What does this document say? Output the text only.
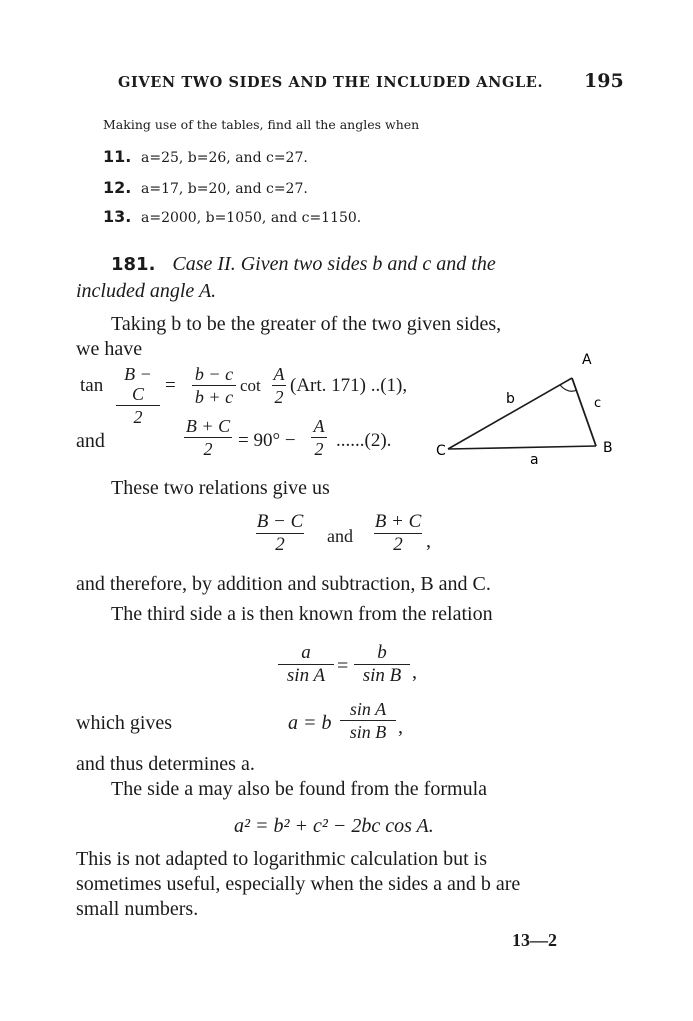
GIVEN TWO SIDES AND THE INCLUDED ANGLE. 195
Making use of the tables, find all the angles when
11. a=25, b=26, and c=27.
12. a=17, b=20, and c=27.
13. a=2000, b=1050, and c=1150.
181. Case II. Given two sides b and c and the
included angle A.
Taking b to be the greater of the two given sides,
we have
tan
B − C
2
=
b − c
b + c
cot
A
2
(Art. 171) ..(1),
and
B + C
2	= 90° −
A
2 ......(2).
A
B
C
b	c
a
These two relations give us
B − C
2	and
B + C
2	,
and therefore, by addition and subtraction, B and C.
The third side a is then known from the relation
a
sin A =
b
sin B ,
which gives	a = b
sin A
sin B ,
and thus determines a.
The side a may also be found from the formula
a² = b² + c² − 2bc cos A.
This is not adapted to logarithmic calculation but is
sometimes useful, especially when the sides a and b are
small numbers.
13—2
